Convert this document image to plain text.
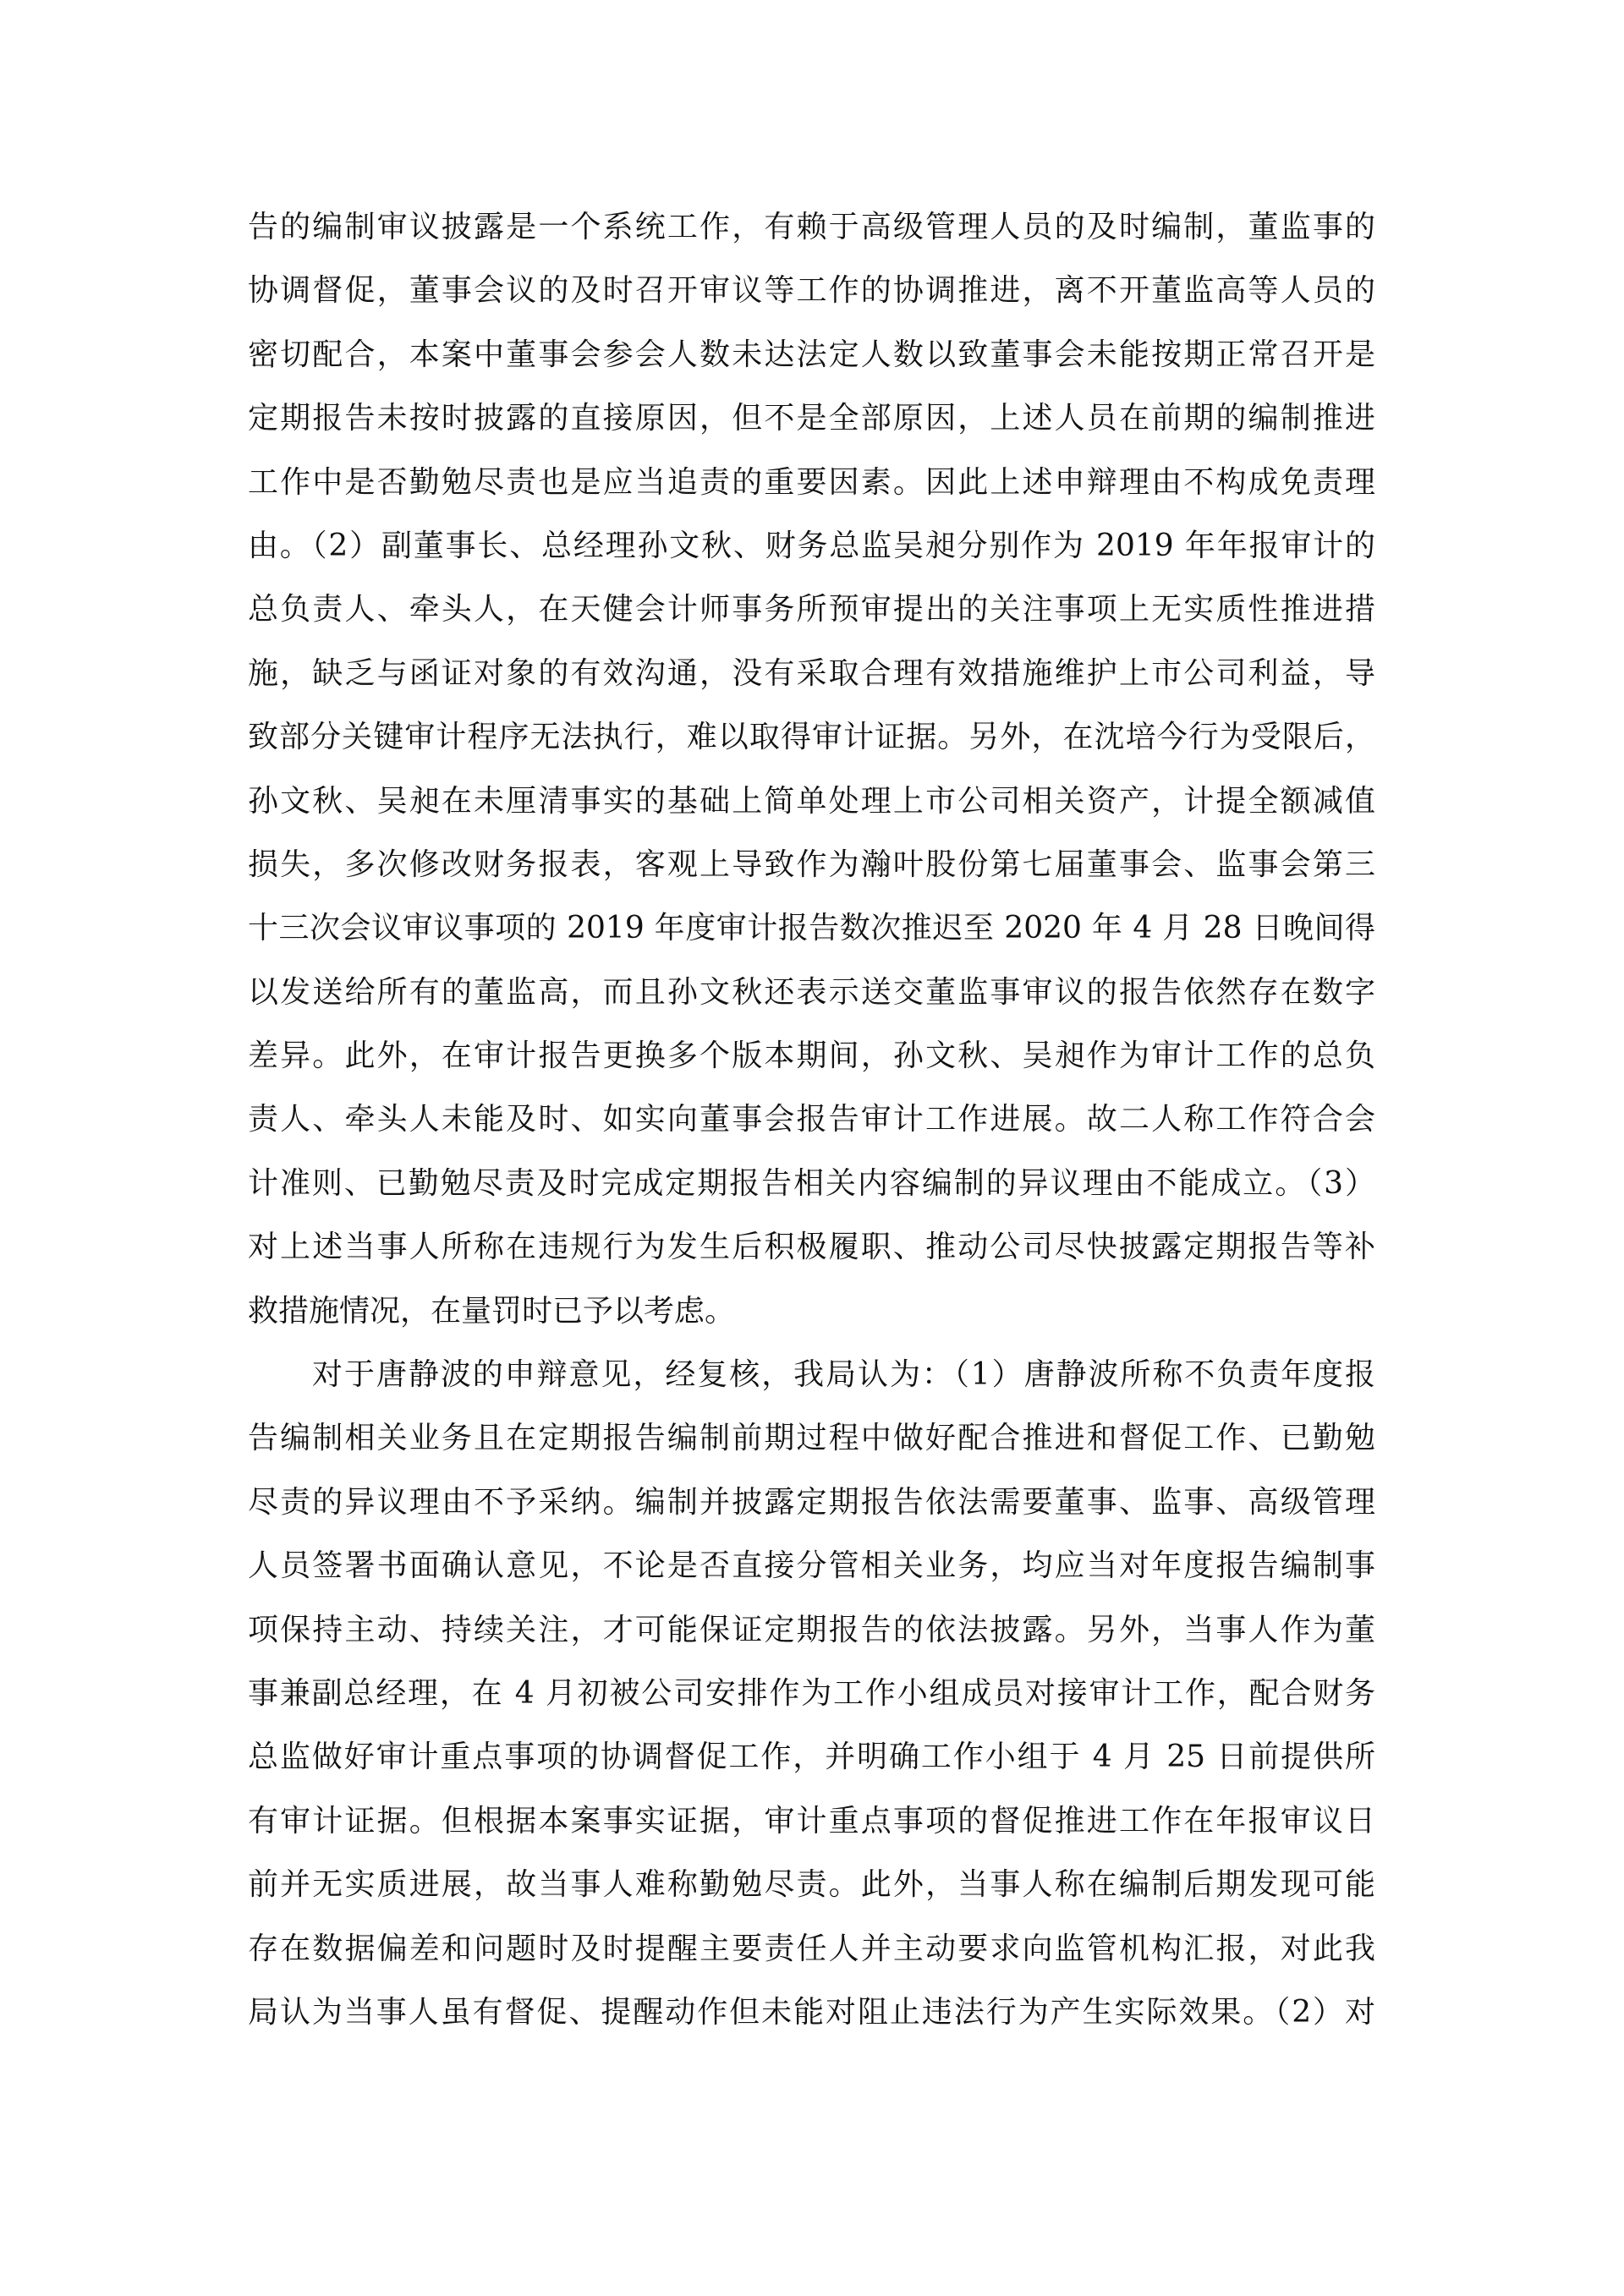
告的编制审议披露是一个系统工作，有赖于高级管理人员的及时编制，董监事的
协调督促，董事会议的及时召开审议等工作的协调推进，离不开董监高等人员的
密切配合，本案中董事会参会人数未达法定人数以致董事会未能按期正常召开是
定期报告未按时披露的直接原因，但不是全部原因，上述人员在前期的编制推进
工作中是否勤勉尽责也是应当追责的重要因素。因此上述申辩理由不构成免责理
由。（2）副董事长、总经理孙文秋、财务总监吴昶分别作为 2019 年年报审计的
总负责人、牵头人，在天健会计师事务所预审提出的关注事项上无实质性推进措
施，缺乏与函证对象的有效沟通，没有采取合理有效措施维护上市公司利益，导
致部分关键审计程序无法执行，难以取得审计证据。另外，在沈培今行为受限后，
孙文秋、吴昶在未厘清事实的基础上简单处理上市公司相关资产，计提全额减值
损失，多次修改财务报表，客观上导致作为瀚叶股份第七届董事会、监事会第三
十三次会议审议事项的 2019 年度审计报告数次推迟至 2020 年 4 月 28 日晚间得
以发送给所有的董监高，而且孙文秋还表示送交董监事审议的报告依然存在数字
差异。此外，在审计报告更换多个版本期间，孙文秋、吴昶作为审计工作的总负
责人、牵头人未能及时、如实向董事会报告审计工作进展。故二人称工作符合会
计准则、已勤勉尽责及时完成定期报告相关内容编制的异议理由不能成立。（3）
对上述当事人所称在违规行为发生后积极履职、推动公司尽快披露定期报告等补
救措施情况，在量罚时已予以考虑。
对于唐静波的申辩意见，经复核，我局认为：（1）唐静波所称不负责年度报
告编制相关业务且在定期报告编制前期过程中做好配合推进和督促工作、已勤勉
尽责的异议理由不予采纳。编制并披露定期报告依法需要董事、监事、高级管理
人员签署书面确认意见，不论是否直接分管相关业务，均应当对年度报告编制事
项保持主动、持续关注，才可能保证定期报告的依法披露。另外，当事人作为董
事兼副总经理，在 4 月初被公司安排作为工作小组成员对接审计工作，配合财务
总监做好审计重点事项的协调督促工作，并明确工作小组于 4 月 25 日前提供所
有审计证据。但根据本案事实证据，审计重点事项的督促推进工作在年报审议日
前并无实质进展，故当事人难称勤勉尽责。此外，当事人称在编制后期发现可能
存在数据偏差和问题时及时提醒主要责任人并主动要求向监管机构汇报，对此我
局认为当事人虽有督促、提醒动作但未能对阻止违法行为产生实际效果。（2）对
